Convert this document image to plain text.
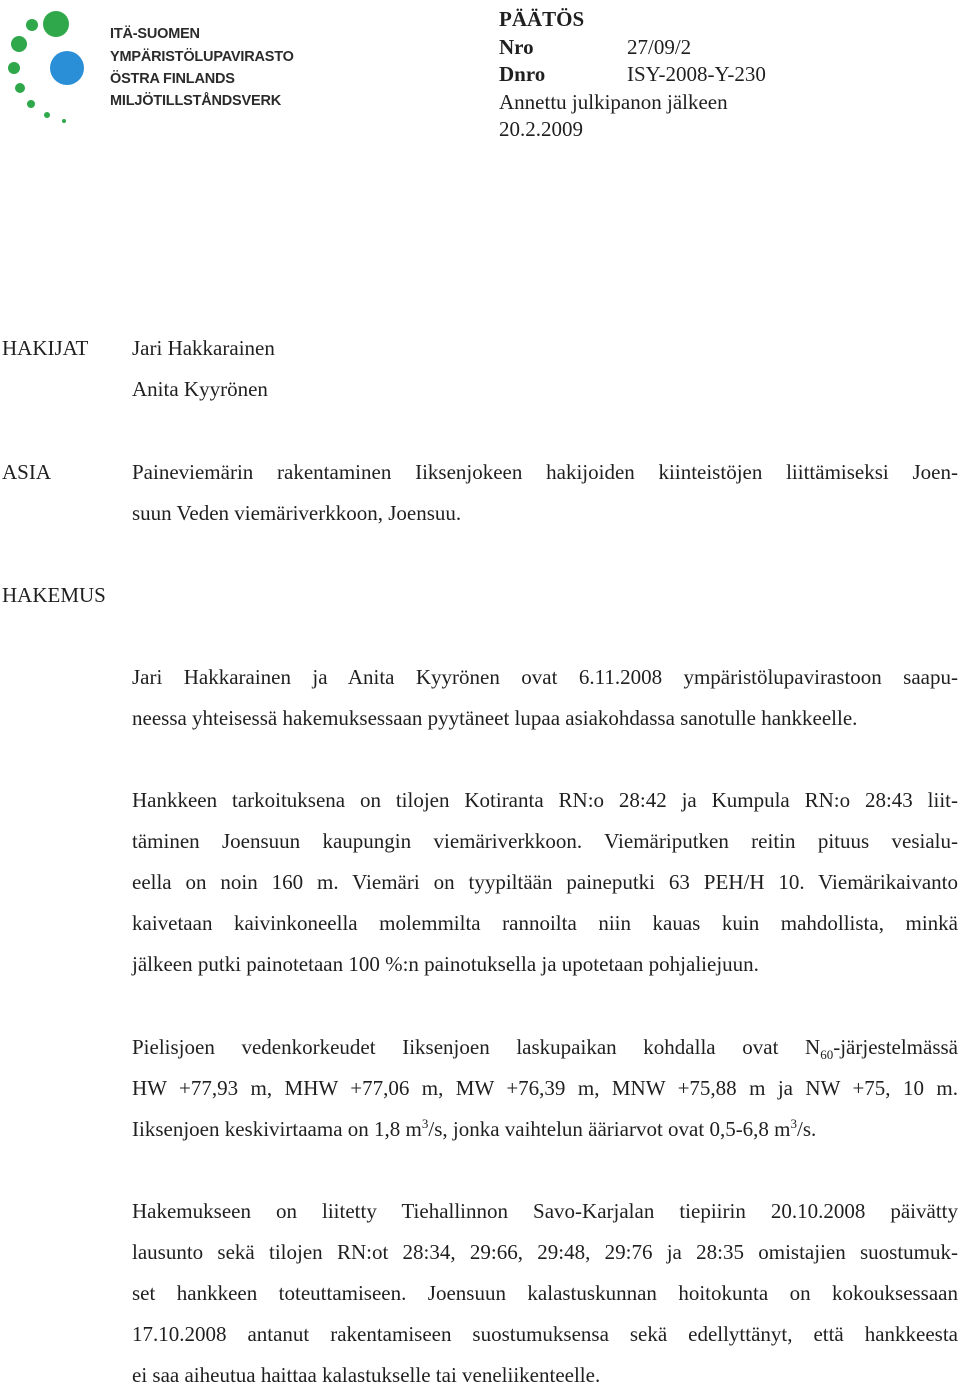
ITÄ-SUOMEN
YMPÄRISTÖLUPAVIRASTO
ÖSTRA FINLANDS
MILJÖTILLSTÅNDSVERK
PÄÄTÖS
Nro	27/09/2
Dnro	ISY-2008-Y-230
Annettu julkipanon jälkeen
20.2.2009
HAKIJAT Jari Hakkarainen
Anita Kyyrönen
ASIA	Paineviemärin rakentaminen Iiksenjokeen hakijoiden kiinteistöjen liittämiseksi Joen-
suun Veden viemäriverkkoon, Joensuu.
HAKEMUS
Jari Hakkarainen ja Anita Kyyrönen ovat 6.11.2008 ympäristölupavirastoon saapu-
neessa yhteisessä hakemuksessaan pyytäneet lupaa asiakohdassa sanotulle hankkeelle.
Hankkeen tarkoituksena on tilojen Kotiranta RN:o 28:42 ja Kumpula RN:o 28:43 liit-
täminen Joensuun kaupungin viemäriverkkoon. Viemäriputken reitin pituus vesialu-
eella on noin 160 m. Viemäri on tyypiltään paineputki 63 PEH/H 10. Viemärikaivanto
kaivetaan kaivinkoneella molemmilta rannoilta niin kauas kuin mahdollista, minkä
jälkeen putki painotetaan 100 %:n painotuksella ja upotetaan pohjaliejuun.
Pielisjoen vedenkorkeudet Iiksenjoen laskupaikan kohdalla ovat $N_{60}$-järjestelmässä
HW +77,93 m, MHW +77,06 m, MW +76,39 m, MNW +75,88 m ja NW +75, 10 m.
Iiksenjoen keskivirtaama on 1,8 $m^3/s$, jonka vaihtelun ääriarvot ovat 0,5-6,8 $m^3/s$.
Hakemukseen on liitetty Tiehallinnon Savo-Karjalan tiepiirin 20.10.2008 päivätty
lausunto sekä tilojen RN:ot 28:34, 29:66, 29:48, 29:76 ja 28:35 omistajien suostumuk-
set hankkeen toteuttamiseen. Joensuun kalastuskunnan hoitokunta on kokouksessaan
17.10.2008 antanut rakentamiseen suostumuksensa sekä edellyttänyt, että hankkeesta
ei saa aiheutua haittaa kalastukselle tai veneliikenteelle.
